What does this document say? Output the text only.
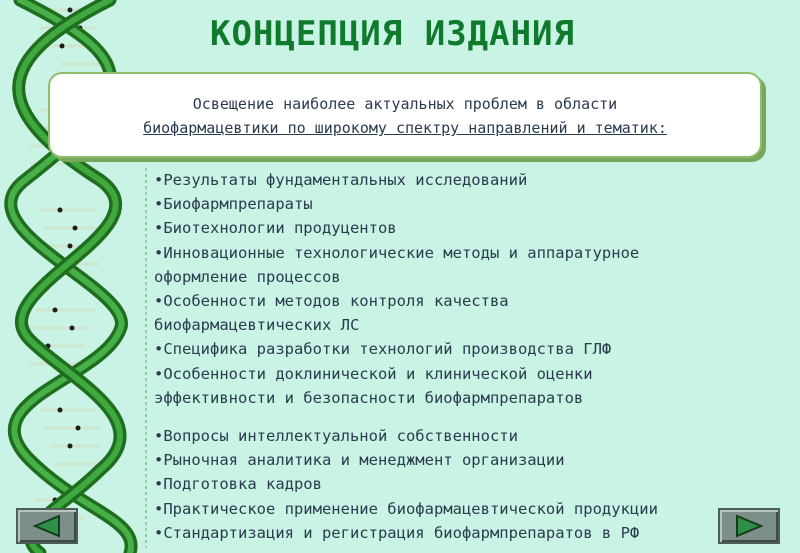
КОНЦЕПЦИЯ ИЗДАНИЯ
Освещение наиболее актуальных проблем в области
биофармацевтики по широкому спектру направлений и тематик:
•Результаты фундаментальных исследований
•Биофармпрепараты
•Биотехнологии продуцентов
•Инновационные технологические методы и аппаратурное
оформление процессов
•Особенности методов контроля качества
биофармацевтических ЛС
•Специфика разработки технологий производства ГЛФ
•Особенности доклинической и клинической оценки
эффективности и безопасности биофармпрепаратов
•Вопросы интеллектуальной собственности
•Рыночная аналитика и менеджмент организации
•Подготовка кадров
•Практическое применение биофармацевтической продукции
•Стандартизация и регистрация биофармпрепаратов в РФ
